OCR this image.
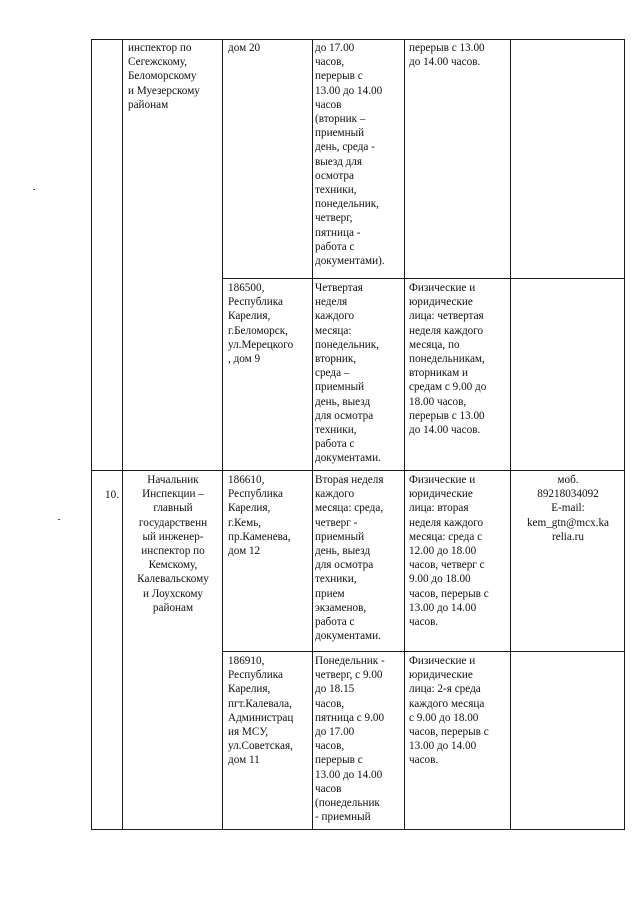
инспектор по
Сегежскому,
Беломорскому
и Муезерскому
районам
дом 20	до 17.00
часов,
перерыв с
13.00 до 14.00
часов
(вторник –
приемный
день, среда -
выезд для
осмотра
техники,
понедельник,
четверг,
пятница -
работа с
документами).
перерыв с 13.00
до 14.00 часов.
186500,
Республика
Карелия,
г.Беломорск,
ул.Мерецкого
, дом 9
Четвертая
неделя
каждого
месяца:
понедельник,
вторник,
среда –
приемный
день, выезд
для осмотра
техники,
работа с
документами.
Физические и
юридические
лица: четвертая
неделя каждого
месяца, по
понедельникам,
вторникам и
средам с 9.00 до
18.00 часов,
перерыв с 13.00
до 14.00 часов.
10.
Начальник
Инспекции –
главный
государственн
ый инженер-
инспектор по
Кемскому,
Калевальскому
и Лоухскому
районам
186610,
Республика
Карелия,
г.Кемь,
пр.Каменева,
дом 12
Вторая неделя
каждого
месяца: среда,
четверг -
приемный
день, выезд
для осмотра
техники,
прием
экзаменов,
работа с
документами.
Физические и
юридические
лица: вторая
неделя каждого
месяца: среда с
12.00 до 18.00
часов, четверг с
9.00 до 18.00
часов, перерыв с
13.00 до 14.00
часов.
моб.
89218034092
E-mail:
kem_gtn@mcx.ka
relia.ru
186910,
Республика
Карелия,
пгт.Калевала,
Администрац
ия МСУ,
ул.Советская,
дом 11
Понедельник -
четверг, с 9.00
до 18.15
часов,
пятница с 9.00
до 17.00
часов,
перерыв с
13.00 до 14.00
часов
(понедельник
- приемный
Физические и
юридические
лица: 2-я среда
каждого месяца
с 9.00 до 18.00
часов, перерыв с
13.00 до 14.00
часов.
